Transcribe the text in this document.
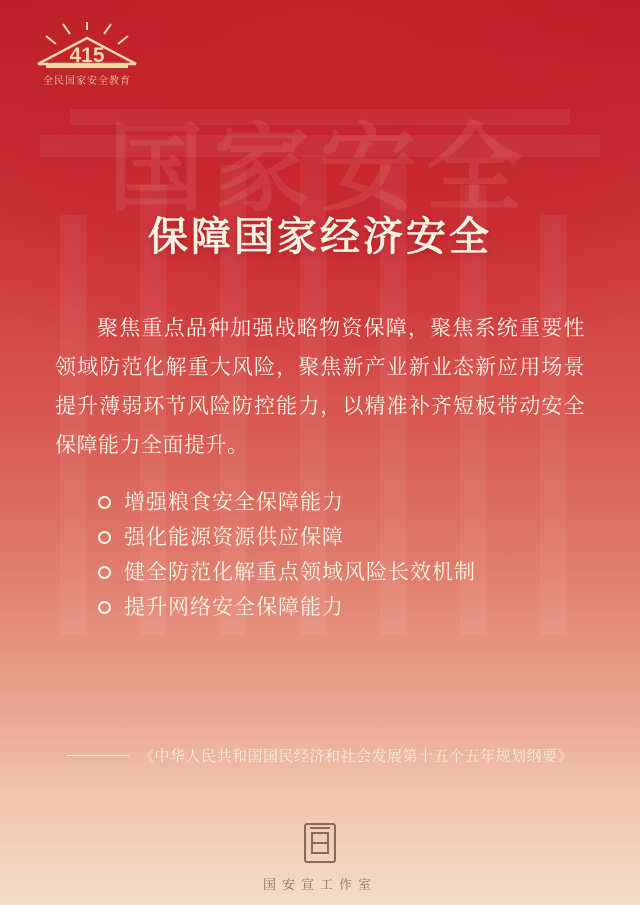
国家安全
415
全民国家安全教育
保障国家经济安全
聚焦重点品种加强战略物资保障，聚焦系统重要性领域防范化解重大风险，聚焦新产业新业态新应用场景提升薄弱环节风险防控能力，以精准补齐短板带动安全保障能力全面提升。
增强粮食安全保障能力
强化能源资源供应保障
健全防范化解重点领域风险长效机制
提升网络安全保障能力
《中华人民共和国国民经济和社会发展第十五个五年规划纲要》
国安宣工作室
